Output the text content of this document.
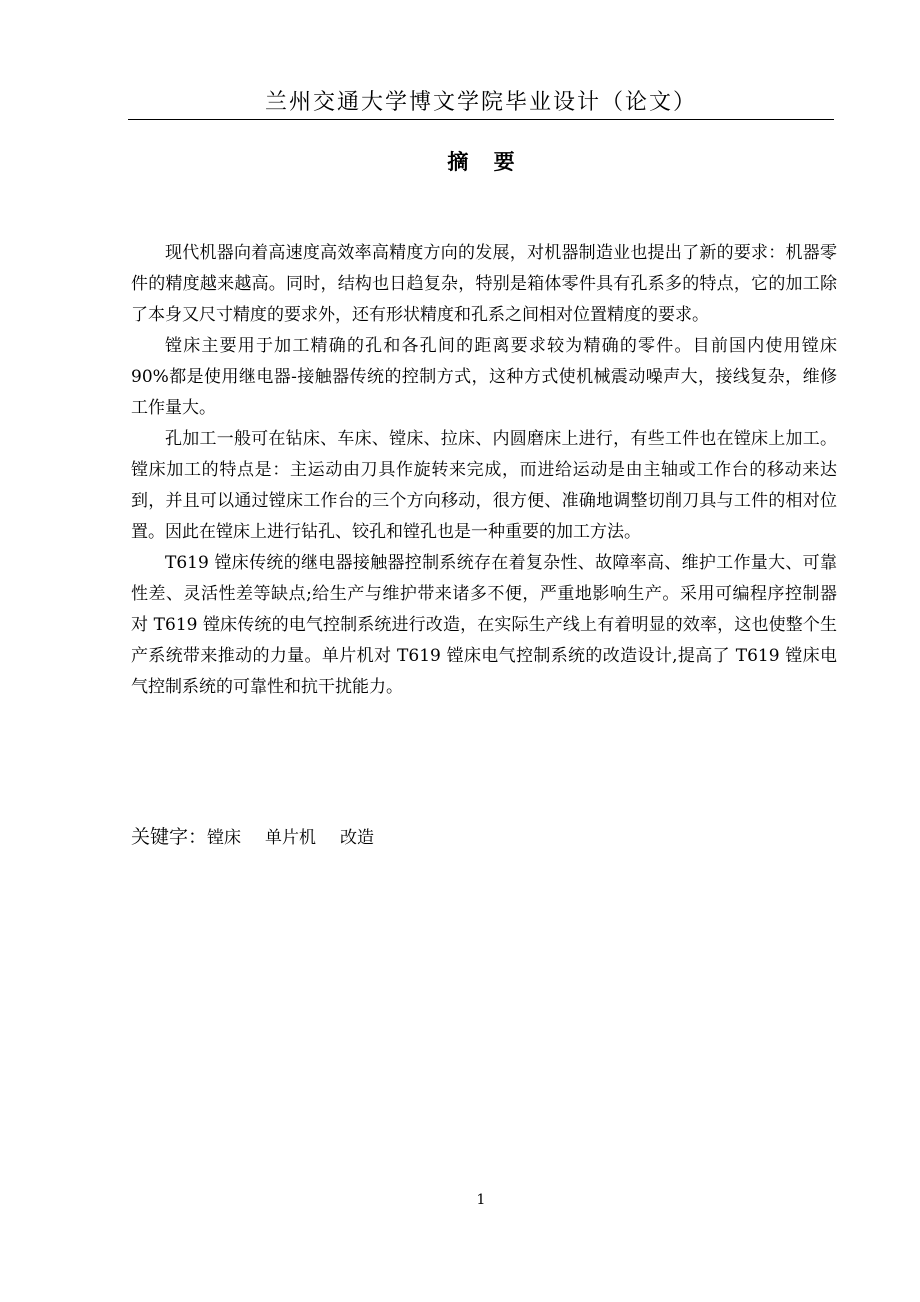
兰州交通大学博文学院毕业设计（论文）
摘 要

现代机器向着高速度高效率高精度方向的发展，对机器制造业也提出了新的要求：机器零件的精度越来越高。同时，结构也日趋复杂，特别是箱体零件具有孔系多的特点，它的加工除了本身又尺寸精度的要求外，还有形状精度和孔系之间相对位置精度的要求。

镗床主要用于加工精确的孔和各孔间的距离要求较为精确的零件。目前国内使用镗床 90%都是使用继电器-接触器传统的控制方式，这种方式使机械震动噪声大，接线复杂，维修工作量大。

孔加工一般可在钻床、车床、镗床、拉床、内圆磨床上进行，有些工件也在镗床上加工。镗床加工的特点是：主运动由刀具作旋转来完成，而进给运动是由主轴或工作台的移动来达到，并且可以通过镗床工作台的三个方向移动，很方便、准确地调整切削刀具与工件的相对位置。因此在镗床上进行钻孔、铰孔和镗孔也是一种重要的加工方法。

T619 镗床传统的继电器接触器控制系统存在着复杂性、故障率高、维护工作量大、可靠性差、灵活性差等缺点;给生产与维护带来诸多不便，严重地影响生产。采用可编程序控制器 对 T619 镗床传统的电气控制系统进行改造，在实际生产线上有着明显的效率，这也使整个生产系统带来推动的力量。单片机对 T619 镗床电气控制系统的改造设计,提高了 T619 镗床电气控制系统的可靠性和抗干扰能力。

关键字：镗床 单片机 改造
1
